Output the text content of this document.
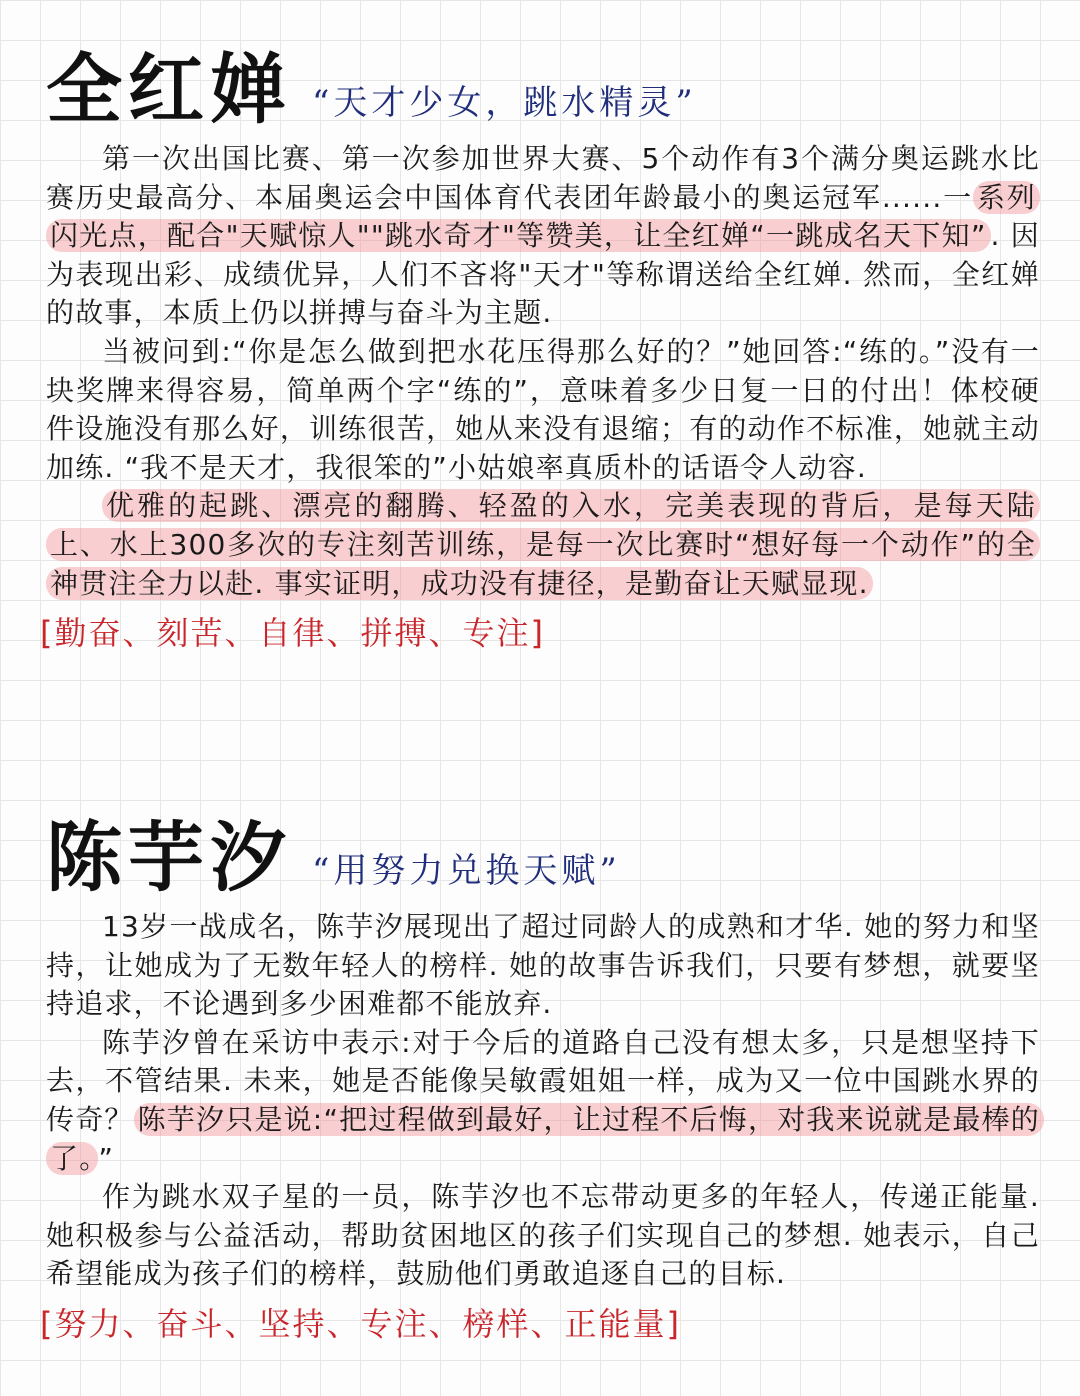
全红婵 “天才少女，跳水精灵”

第一次出国比赛、第一次参加世界大赛、5个动作有3个满分奥运跳水比赛历史最高分、本届奥运会中国体育代表团年龄最小的奥运冠军......一 系列闪光点，配合"天赋惊人""跳水奇才"等赞美，让全红婵“一跳成名天下知” . 因为表现出彩、成绩优异，人们不吝将"天才"等称谓送给全红婵. 然而，全红婵的故事，本质上仍以拼搏与奋斗为主题.

当被问到:“你是怎么做到把水花压得那么好的？”她回答:“练的。”没有一块奖牌来得容易，简单两个字“练的”，意味着多少日复一日的付出！体校硬件设施没有那么好，训练很苦，她从来没有退缩；有的动作不标准，她就主动加练. “我不是天才，我很笨的”小姑娘率真质朴的话语令人动容.

优雅的起跳、漂亮的翻腾、轻盈的入水，完美表现的背后，是每天陆上、水上300多次的专注刻苦训练，是每一次比赛时“想好每一个动作”的全神贯注全力以赴. 事实证明，成功没有捷径，是勤奋让天赋显现.

[勤奋、刻苦、自律、拼搏、专注]

陈芋汐 “用努力兑换天赋”

13岁一战成名，陈芋汐展现出了超过同龄人的成熟和才华. 她的努力和坚持，让她成为了无数年轻人的榜样. 她的故事告诉我们，只要有梦想，就要坚持追求，不论遇到多少困难都不能放弃.

陈芋汐曾在采访中表示:对于今后的道路自己没有想太多，只是想坚持下去，不管结果. 未来，她是否能像吴敏霞姐姐一样，成为又一位中国跳水界的传奇？ 陈芋汐只是说:“把过程做到最好，让过程不后悔，对我来说就是最棒的了。 ”

作为跳水双子星的一员，陈芋汐也不忘带动更多的年轻人，传递正能量. 她积极参与公益活动，帮助贫困地区的孩子们实现自己的梦想. 她表示，自己希望能成为孩子们的榜样，鼓励他们勇敢追逐自己的目标.

[努力、奋斗、坚持、专注、榜样、正能量]
